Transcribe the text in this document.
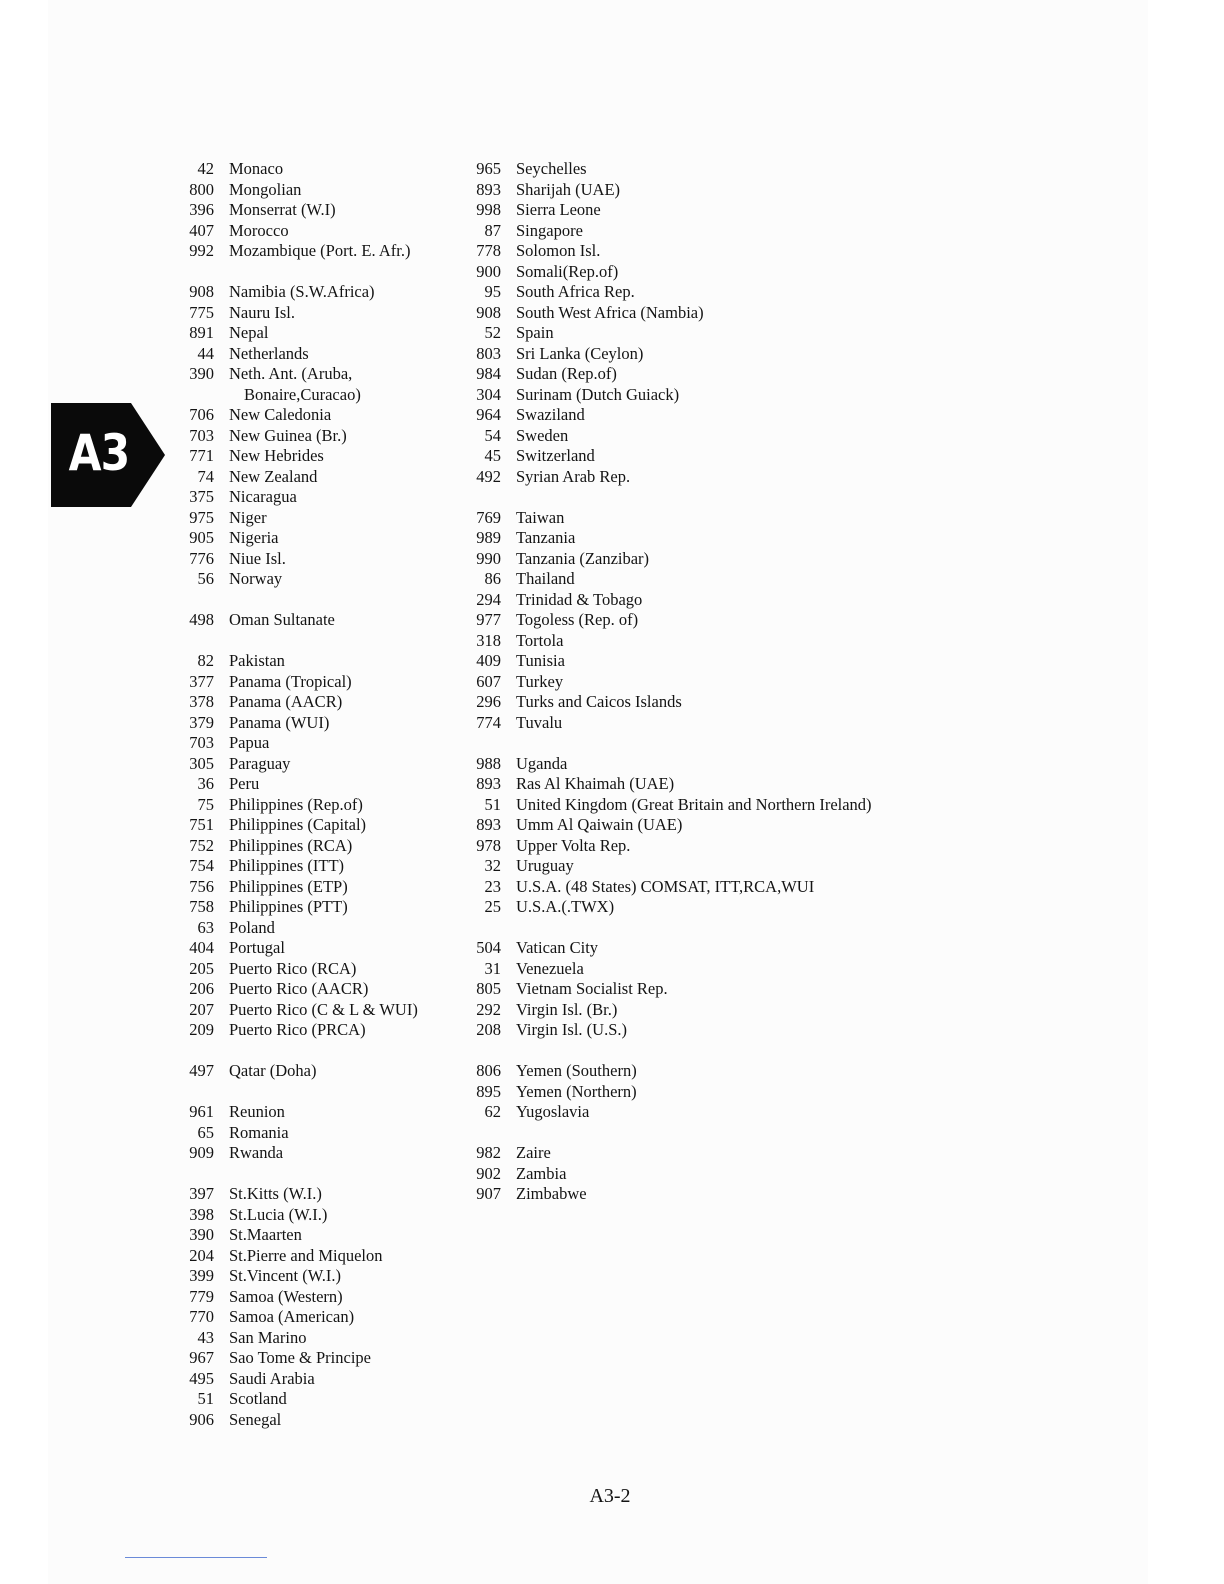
A3
42 Monaco
800 Mongolian
396 Monserrat (W.I)
407 Morocco
992 Mozambique (Port. E. Afr.)
908 Namibia (S.W.Africa)
775 Nauru Isl.
891 Nepal
44 Netherlands
390 Neth. Ant. (Aruba,
Bonaire,Curacao)
706 New Caledonia
703 New Guinea (Br.)
771 New Hebrides
74 New Zealand
375 Nicaragua
975 Niger
905 Nigeria
776 Niue Isl.
56 Norway
498 Oman Sultanate
82 Pakistan
377 Panama (Tropical)
378 Panama (AACR)
379 Panama (WUI)
703 Papua
305 Paraguay
36 Peru
75 Philippines (Rep.of)
751 Philippines (Capital)
752 Philippines (RCA)
754 Philippines (ITT)
756 Philippines (ETP)
758 Philippines (PTT)
63 Poland
404 Portugal
205 Puerto Rico (RCA)
206 Puerto Rico (AACR)
207 Puerto Rico (C & L & WUI)
209 Puerto Rico (PRCA)
497 Qatar (Doha)
961 Reunion
65 Romania
909 Rwanda
397 St.Kitts (W.I.)
398 St.Lucia (W.I.)
390 St.Maarten
204 St.Pierre and Miquelon
399 St.Vincent (W.I.)
779 Samoa (Western)
770 Samoa (American)
43 San Marino
967 Sao Tome & Principe
495 Saudi Arabia
51 Scotland
906 Senegal
965 Seychelles
893 Sharijah (UAE)
998 Sierra Leone
87 Singapore
778 Solomon Isl.
900 Somali(Rep.of)
95 South Africa Rep.
908 South West Africa (Nambia)
52 Spain
803 Sri Lanka (Ceylon)
984 Sudan (Rep.of)
304 Surinam (Dutch Guiack)
964 Swaziland
54 Sweden
45 Switzerland
492 Syrian Arab Rep.
769 Taiwan
989 Tanzania
990 Tanzania (Zanzibar)
86 Thailand
294 Trinidad & Tobago
977 Togoless (Rep. of)
318 Tortola
409 Tunisia
607 Turkey
296 Turks and Caicos Islands
774 Tuvalu
988 Uganda
893 Ras Al Khaimah (UAE)
51 United Kingdom (Great Britain and Northern Ireland)
893 Umm Al Qaiwain (UAE)
978 Upper Volta Rep.
32 Uruguay
23 U.S.A. (48 States) COMSAT, ITT,RCA,WUI
25 U.S.A.(.TWX)
504 Vatican City
31 Venezuela
805 Vietnam Socialist Rep.
292 Virgin Isl. (Br.)
208 Virgin Isl. (U.S.)
806 Yemen (Southern)
895 Yemen (Northern)
62 Yugoslavia
982 Zaire
902 Zambia
907 Zimbabwe
A3-2
